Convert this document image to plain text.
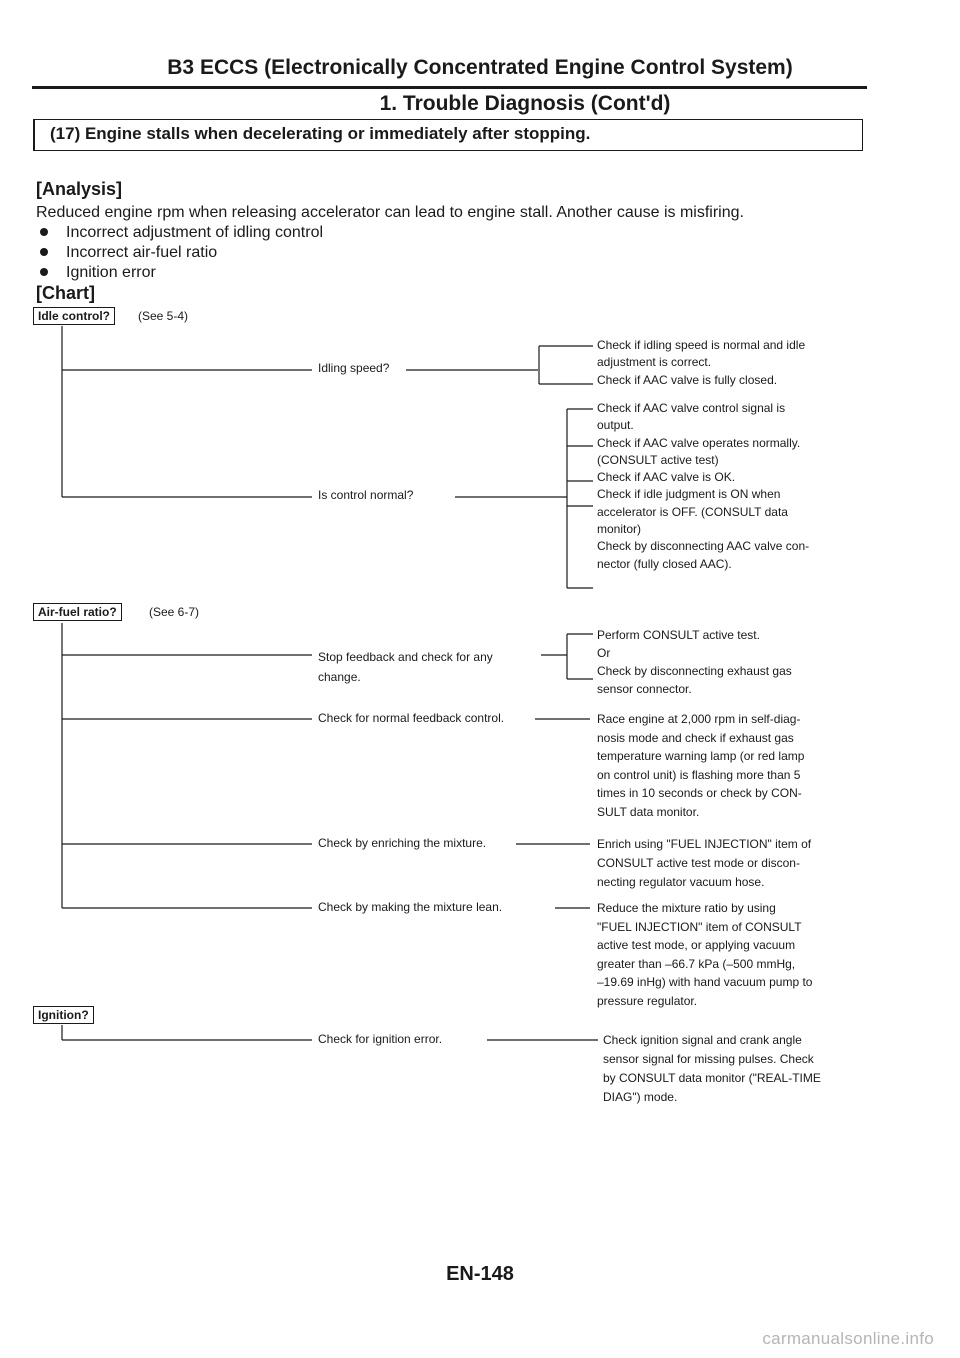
B3 ECCS (Electronically Concentrated Engine Control System)
1. Trouble Diagnosis (Cont'd)
(17) Engine stalls when decelerating or immediately after stopping.
[Analysis]
Reduced engine rpm when releasing accelerator can lead to engine stall. Another cause is misfiring.
Incorrect adjustment of idling control
Incorrect air-fuel ratio
Ignition error
[Chart]
Idle control?	(See 5-4)
Idling speed?
Is control normal?
Check if idling speed is normal and idle
adjustment is correct.
Check if AAC valve is fully closed.
Check if AAC valve control signal is
output.
Check if AAC valve operates normally.
(CONSULT active test)
Check if AAC valve is OK.
Check if idle judgment is ON when
accelerator is OFF. (CONSULT data
monitor)
Check by disconnecting AAC valve con-
nector (fully closed AAC).
Air-fuel ratio?	(See 6-7)
Stop feedback and check for any
change.
Perform CONSULT active test.
Or
Check by disconnecting exhaust gas
sensor connector.
Check for normal feedback control.	Race engine at 2,000 rpm in self-diag-
nosis mode and check if exhaust gas
temperature warning lamp (or red lamp
on control unit) is flashing more than 5
times in 10 seconds or check by CON-
SULT data monitor.
Check by enriching the mixture.	Enrich using "FUEL INJECTION" item of
CONSULT active test mode or discon-
necting regulator vacuum hose.
Check by making the mixture lean.	Reduce the mixture ratio by using
"FUEL INJECTION" item of CONSULT
active test mode, or applying vacuum
greater than –66.7 kPa (–500 mmHg,
–19.69 inHg) with hand vacuum pump to
pressure regulator.
Ignition?
Check for ignition error.	Check ignition signal and crank angle
sensor signal for missing pulses. Check
by CONSULT data monitor ("REAL-TIME
DIAG") mode.
EN-148
carmanualsonline.info
